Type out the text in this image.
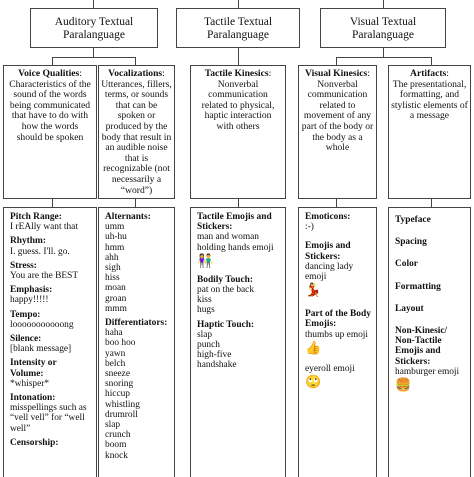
Auditory Textual
Paralanguage
Tactile Textual
Paralanguage
Visual Textual
Paralanguage
Voice Qualities:
Characteristics of the sound of the words being communicated that have to do with how the words should be spoken
Vocalizations:
Utterances, fillers, terms, or sounds that can be spoken or produced by the body that result in an audible noise that is recognizable (not necessarily a “word”)
Tactile Kinesics:
Nonverbal communication related to physical, haptic interaction with others
Visual Kinesics:
Nonverbal communication related to movement of any part of the body or the body as a whole
Artifacts:
The presentational, formatting, and stylistic elements of a message
Pitch Range:
I rEAlly want that
Rhythm:
I. guess. I'll. go.
Stress:
You are the BEST
Emphasis:
happy!!!!!
Tempo:
looooooooooong
Silence:
[blank message]
Intensity or Volume:
*whisper*
Intonation:
misspellings such as “vell vell” for “well well”
Censorship:
Alternants:
umm
uh-hu
hmm
ahh
sigh
hiss
moan
groan
mmm
Differentiators:
haha
boo hoo
yawn
belch
sneeze
snoring
hiccup
whistling
drumroll
slap
crunch
boom
knock
Tactile Emojis and Stickers:
man and woman holding hands emoji
👫
Bodily Touch:
pat on the back
kiss
hugs
Haptic Touch:
slap
punch
high-five
handshake
Emoticons:
:-)
Emojis and Stickers:
dancing lady emoji
💃
Part of the Body Emojis:
thumbs up emoji
👍
eyeroll emoji
🙄
Typeface
Spacing
Color
Formatting
Layout
Non-Kinesic/ Non-Tactile Emojis and Stickers:
hamburger emoji
🍔
